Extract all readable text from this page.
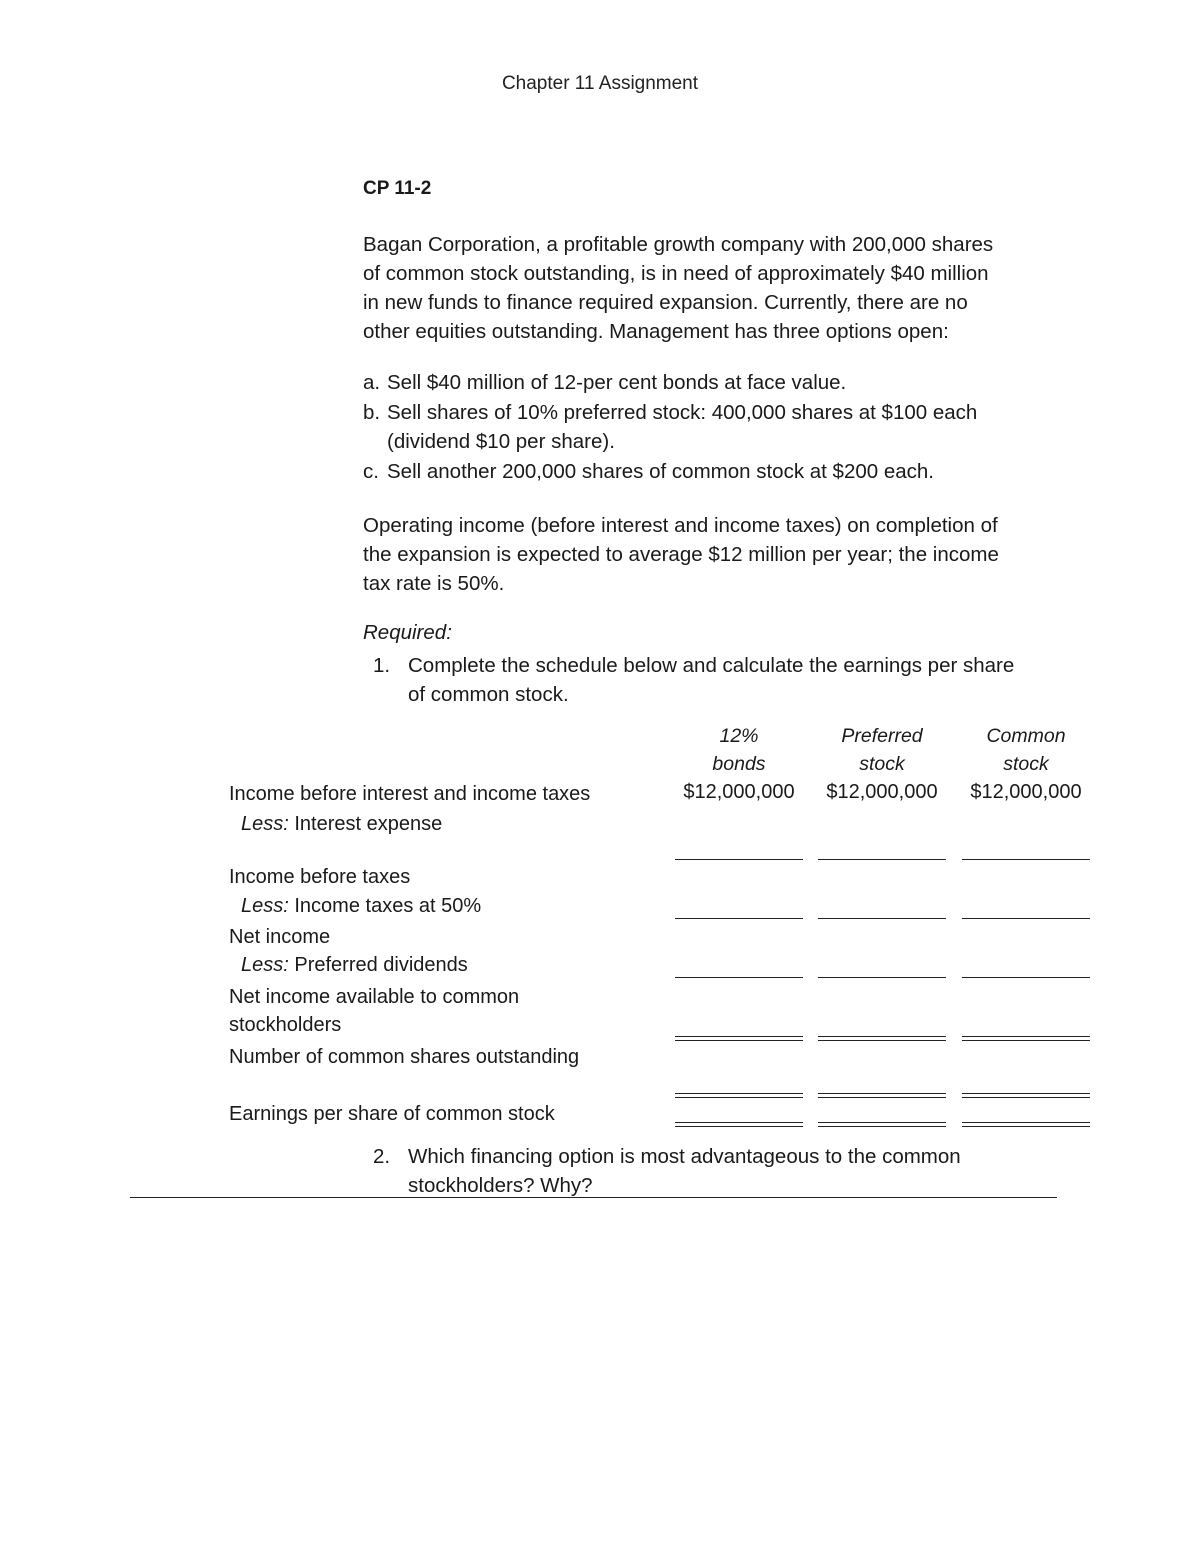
Chapter 11 Assignment
CP 11-2
Bagan Corporation, a profitable growth company with 200,000 shares
of common stock outstanding, is in need of approximately $40 million
in new funds to finance required expansion. Currently, there are no
other equities outstanding. Management has three options open:
a. Sell $40 million of 12-per cent bonds at face value.
b. Sell shares of 10% preferred stock: 400,000 shares at $100 each
(dividend $10 per share).
c. Sell another 200,000 shares of common stock at $200 each.
Operating income (before interest and income taxes) on completion of
the expansion is expected to average $12 million per year; the income
tax rate is 50%.
Required:
1. Complete the schedule below and calculate the earnings per share
of common stock.
12%
bonds
Preferred
stock
Common
stock
Income before interest and income taxes
Less: Interest expense
Income before taxes
Less: Income taxes at 50%
Net income
Less: Preferred dividends
Net income available to common
stockholders
Number of common shares outstanding
Earnings per share of common stock
$12,000,000	$12,000,000	$12,000,000
2. Which financing option is most advantageous to the common
stockholders? Why?
